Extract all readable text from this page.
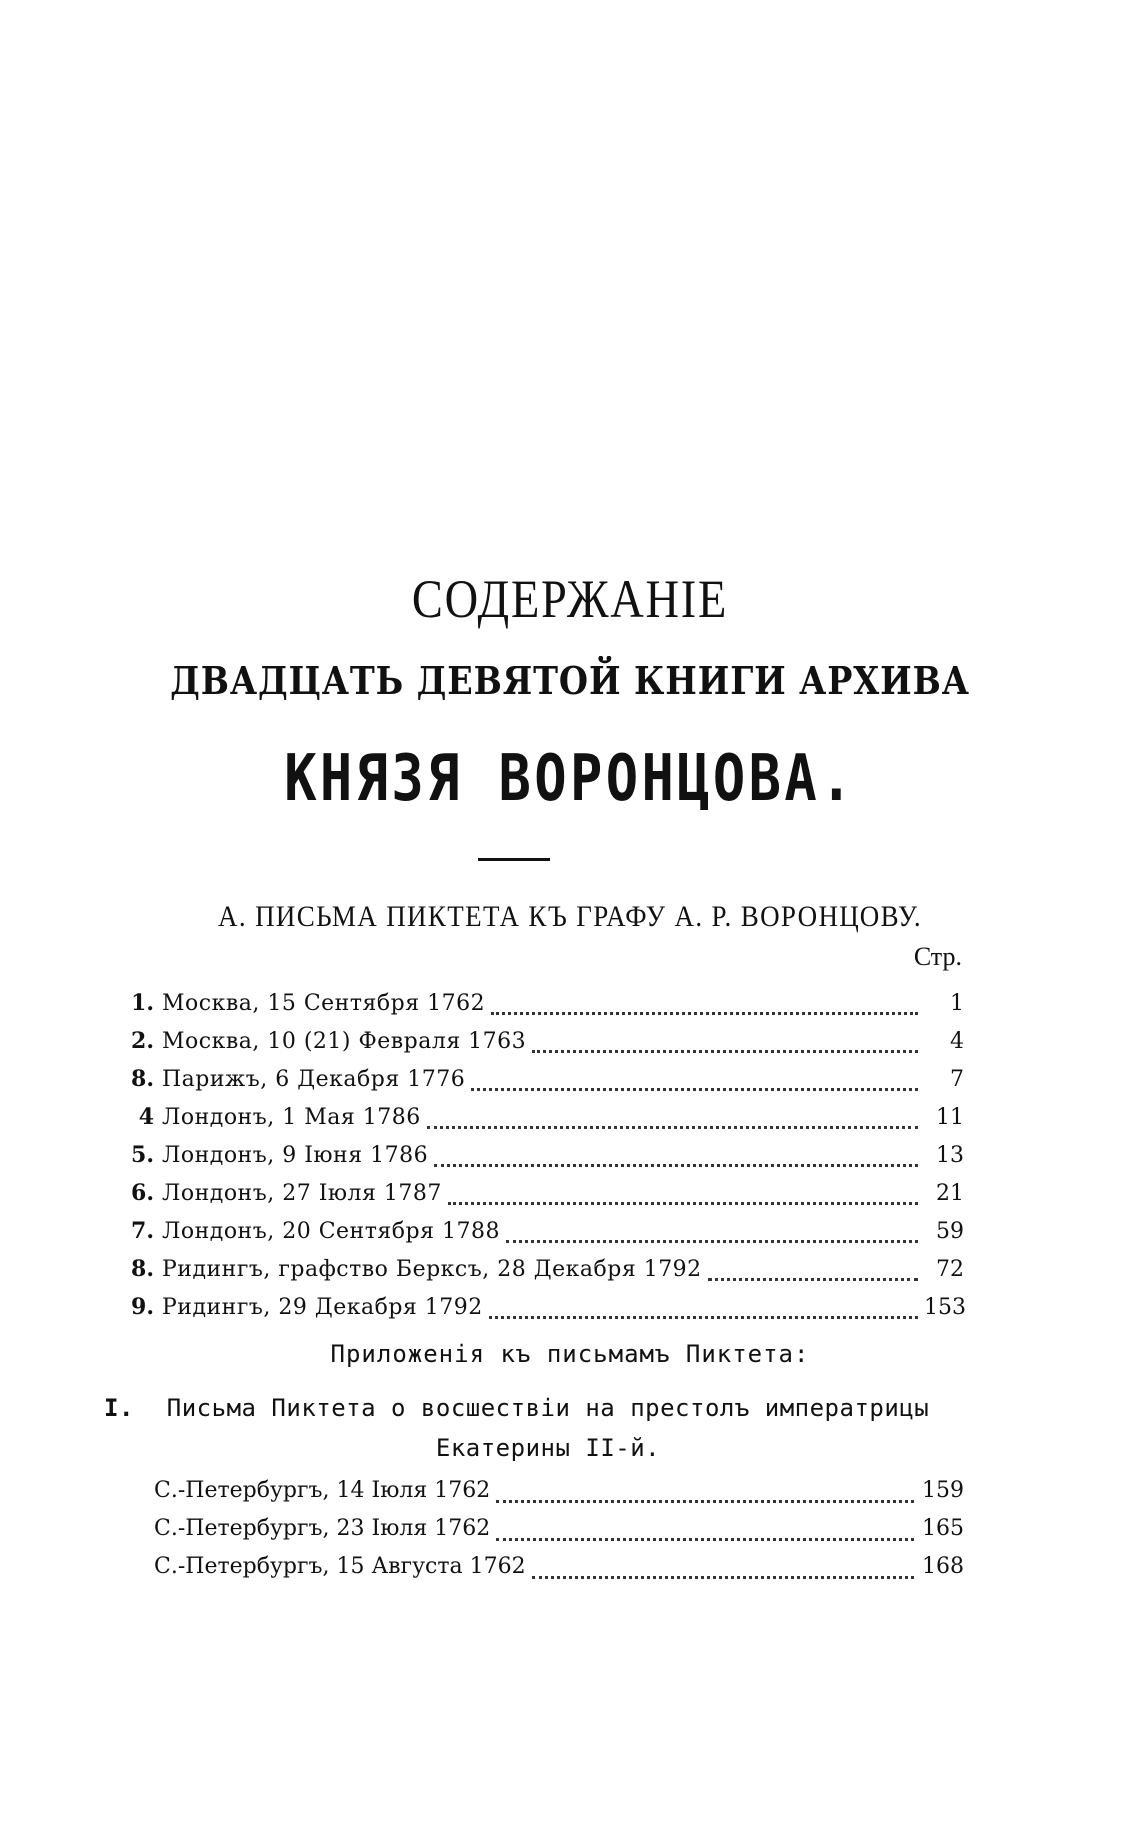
СОДЕРЖАНІЕ
ДВАДЦАТЬ ДЕВЯТОЙ КНИГИ АРХИВА
КНЯЗЯ ВОРОНЦОВА.
А. ПИСЬМА ПИКТЕТА КЪ ГРАФУ А. Р. ВОРОНЦОВУ.
Стр.
1. Москва, 15 Сентября 1762	1
2. Москва, 10 (21) Февраля 1763	4
8. Парижъ, 6 Декабря 1776	7
4 Лондонъ, 1 Мая 1786	11
5. Лондонъ, 9 Іюня 1786	13
6. Лондонъ, 27 Іюля 1787	21
7. Лондонъ, 20 Сентября 1788	59
8. Ридингъ, графство Берксъ, 28 Декабря 1792	72
9. Ридингъ, 29 Декабря 1792	153
Приложенія къ письмамъ Пиктета:
I.	Письма Пиктета о восшествіи на престолъ императрицы
Екатерины II-й.
С.-Петербургъ, 14 Іюля 1762	159
С.-Петербургъ, 23 Іюля 1762	165
С.-Петербургъ, 15 Августа 1762	168
